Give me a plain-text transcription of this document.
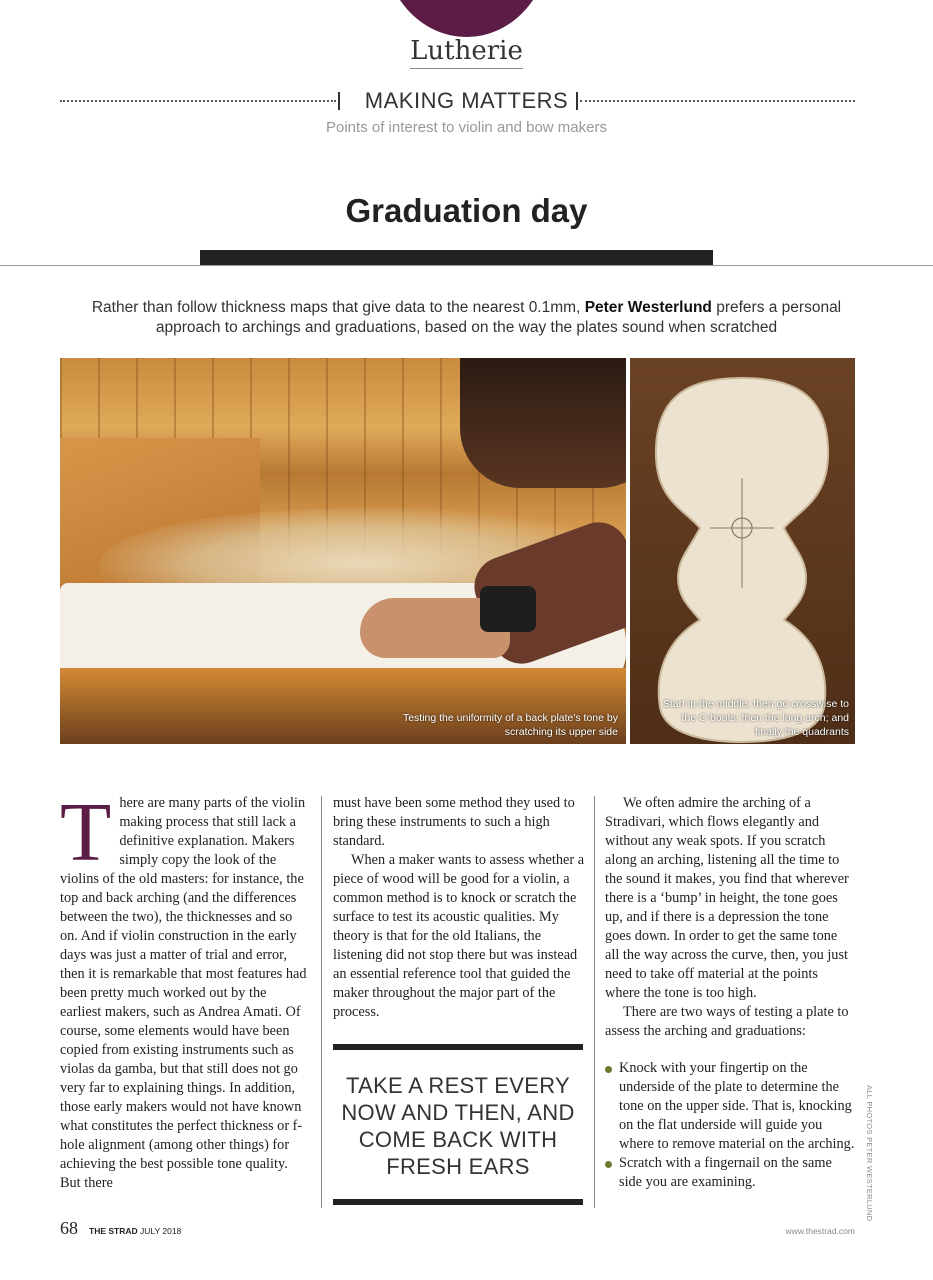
Lutherie
MAKING MATTERS
Points of interest to violin and bow makers
Graduation day

Rather than follow thickness maps that give data to the nearest 0.1mm, Peter Westerlund prefers a personal approach to archings and graduations, based on the way the plates sound when scratched

Testing the uniformity of a back plate's tone by scratching its upper side
Start in the middle; then go crosswise to the C-bouts; then the long arch; and finally the quadrants
T here are many parts of the violin making process that still lack a definitive explanation. Makers simply copy the look of the violins of the old masters: for instance, the top and back arching (and the differences between the two), the thicknesses and so on. And if violin construction in the early days was just a matter of trial and error, then it is remarkable that most features had been pretty much worked out by the earliest makers, such as Andrea Amati. Of course, some elements would have been copied from existing instruments such as violas da gamba, but that still does not go very far to explaining things. In addition, those early makers would not have known what constitutes the perfect thickness or f-hole alignment (among other things) for achieving the best possible tone quality. But there

must have been some method they used to bring these instruments to such a high standard.

When a maker wants to assess whether a piece of wood will be good for a violin, a common method is to knock or scratch the surface to test its acoustic qualities. My theory is that for the old Italians, the listening did not stop there but was instead an essential reference tool that guided the maker throughout the major part of the process.

TAKE A REST EVERY NOW AND THEN, AND COME BACK WITH FRESH EARS

We often admire the arching of a Stradivari, which flows elegantly and without any weak spots. If you scratch along an arching, listening all the time to the sound it makes, you find that wherever there is a ‘bump’ in height, the tone goes up, and if there is a depression the tone goes down. In order to get the same tone all the way across the curve, then, you just need to take off material at the points where the tone is too high.

There are two ways of testing a plate to assess the arching and graduations:

Knock with your fingertip on the underside of the plate to determine the tone on the upper side. That is, knocking on the flat underside will guide you where to remove material on the arching.

Scratch with a fingernail on the same side you are examining.	ALL PHOTOS PETER WESTERLUND
68 THE STRAD JULY 2018	www.thestrad.com
